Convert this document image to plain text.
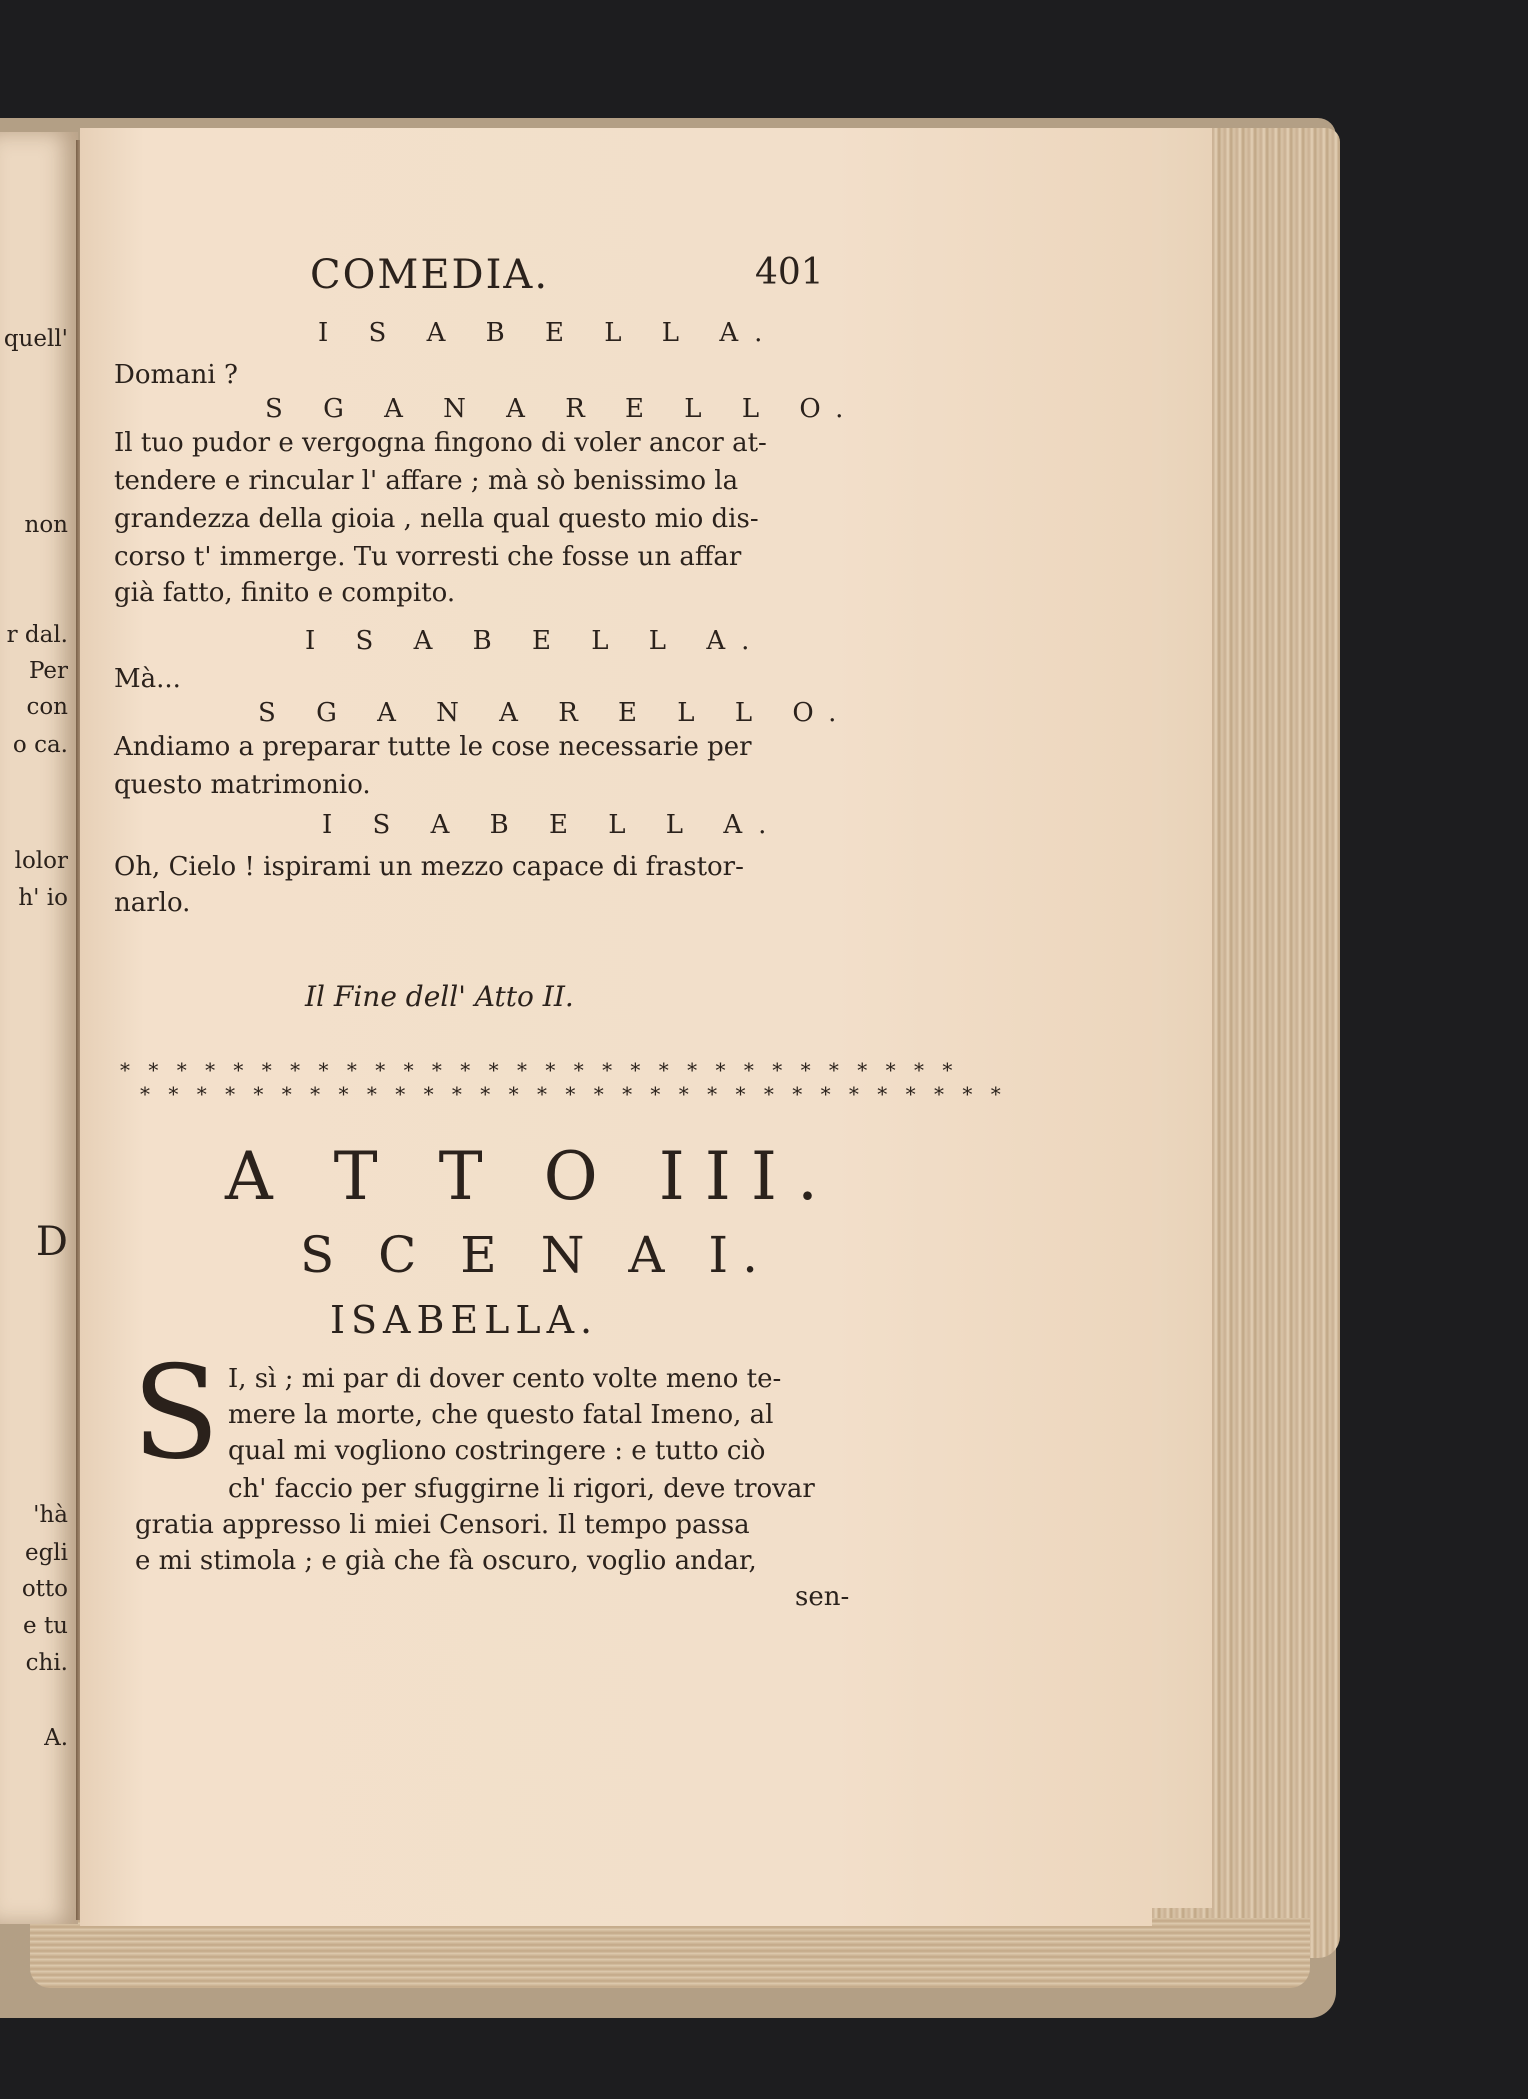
quell'
non
r dal.
Per
con
o ca.
lolor
h' io
D
'hà
egli
otto
e tu
chi.
A.
COMEDIA.	401
I S A B E L L A.
Domani ?
S G A N A R E L L O.
Il tuo pudor e vergogna fingono di voler ancor at-
tendere e rincular l' affare ; mà sò benissimo la
grandezza della gioia , nella qual questo mio dis-
corso t' immerge. Tu vorresti che fosse un affar
già fatto, finito e compito.
I S A B E L L A.
Mà...
S G A N A R E L L O.
Andiamo a preparar tutte le cose necessarie per
questo matrimonio.
I S A B E L L A.
Oh, Cielo ! ispirami un mezzo capace di frastor-
narlo.
Il Fine dell' Atto II.
* * * * * * * * * * * * * * * * * * * * * * * * * * * * * *
* * * * * * * * * * * * * * * * * * * * * * * * * * * * * * *
A T T O III.
S C E N A I.
ISABELLA.
S I, sì ; mi par di dover cento volte meno te-
mere la morte, che questo fatal Imeno, al
qual mi vogliono costringere : e tutto ciò
ch' faccio per sfuggirne li rigori, deve trovar
gratia appresso li miei Censori. Il tempo passa
e mi stimola ; e già che fà oscuro, voglio andar,
sen-
